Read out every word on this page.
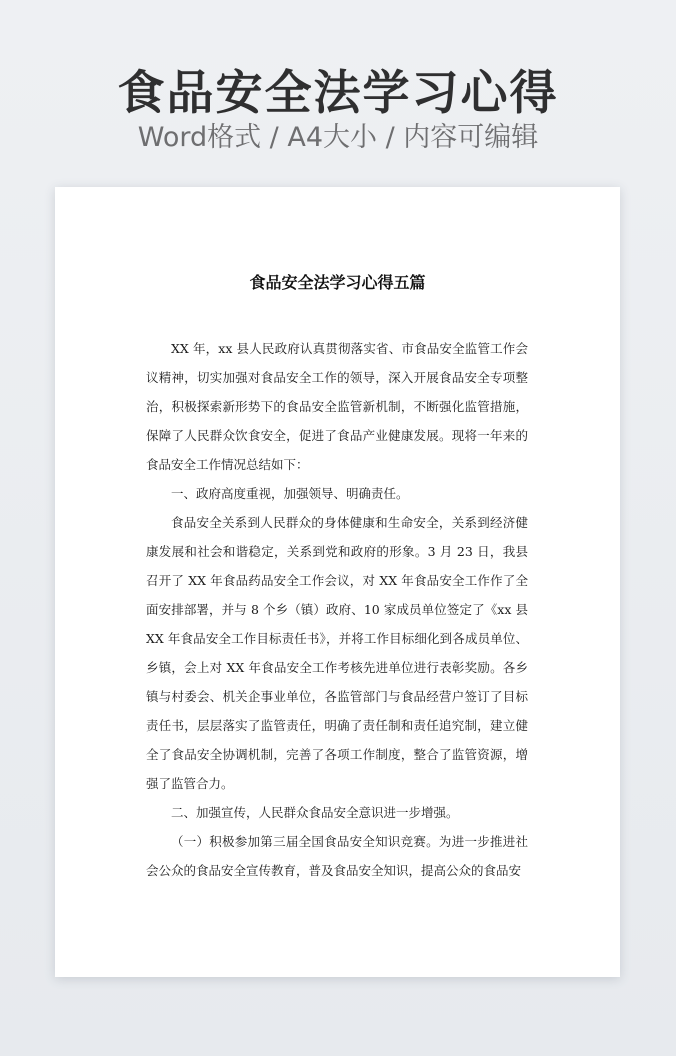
食品安全法学习心得
Word格式 / A4大小 / 内容可编辑
食品安全法学习心得五篇

XX 年，xx 县人民政府认真贯彻落实省、市食品安全监管工作会议精神，切实加强对食品安全工作的领导，深入开展食品安全专项整治，积极探索新形势下的食品安全监管新机制，不断强化监管措施，保障了人民群众饮食安全，促进了食品产业健康发展。现将一年来的食品安全工作情况总结如下：

一、政府高度重视，加强领导、明确责任。

食品安全关系到人民群众的身体健康和生命安全，关系到经济健康发展和社会和谐稳定，关系到党和政府的形象。3 月 23 日，我县召开了 XX 年食品药品安全工作会议，对 XX 年食品安全工作作了全面安排部署，并与 8 个乡（镇）政府、10 家成员单位签定了《xx 县 XX 年食品安全工作目标责任书》，并将工作目标细化到各成员单位、乡镇，会上对 XX 年食品安全工作考核先进单位进行表彰奖励。各乡镇与村委会、机关企事业单位，各监管部门与食品经营户签订了目标责任书，层层落实了监管责任，明确了责任制和责任追究制，建立健全了食品安全协调机制，完善了各项工作制度，整合了监管资源，增强了监管合力。

二、加强宣传，人民群众食品安全意识进一步增强。

（一）积极参加第三届全国食品安全知识竞赛。为进一步推进社会公众的食品安全宣传教育，普及食品安全知识，提高公众的食品安
